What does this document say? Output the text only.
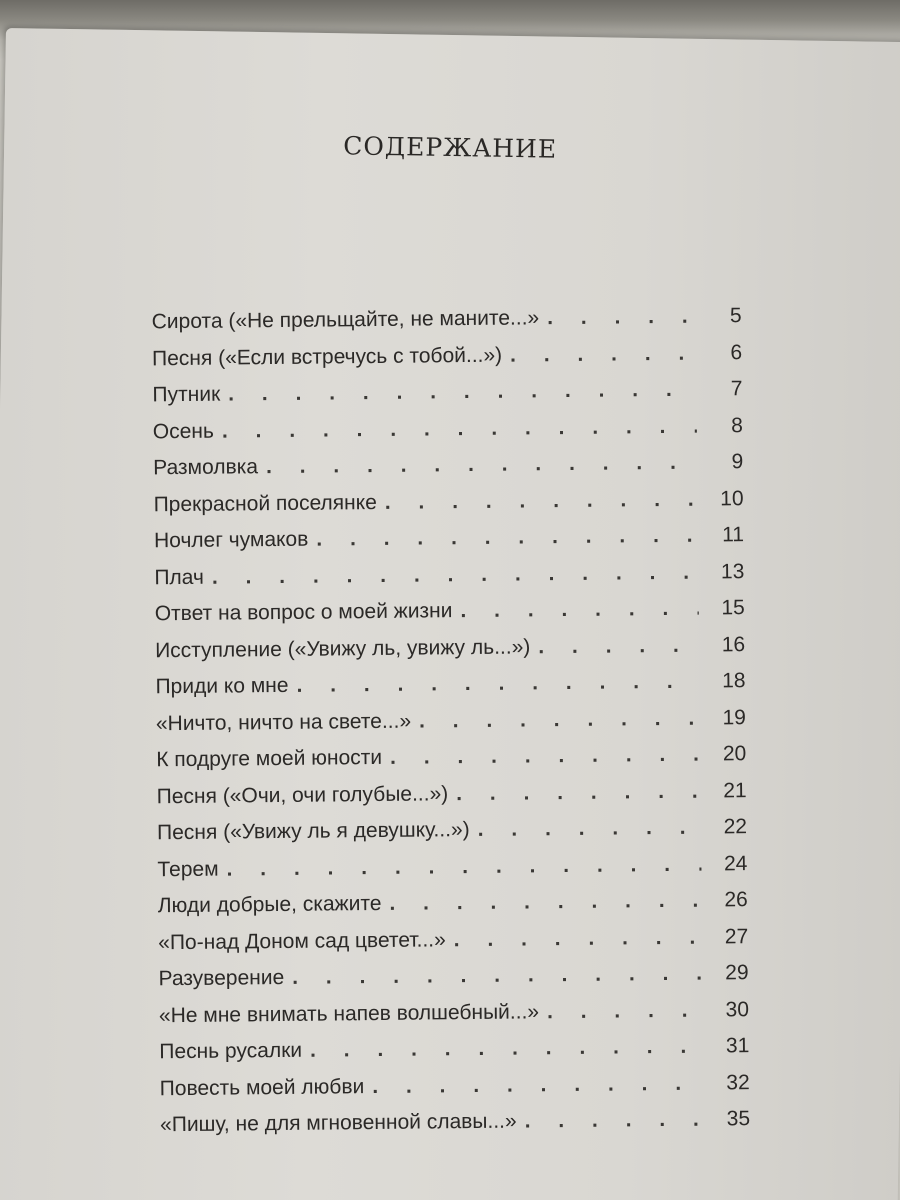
СОДЕРЖАНИЕ
Сирота («Не прельщайте, не маните...» . . .	5
Песня («Если встречусь с тобой...») . . .	6
Путник . . .	7
Осень . . .	8
Размолвка . . .	9
Прекрасной поселянке . . .	10
Ночлег чумаков . . .	11
Плач . . .	13
Ответ на вопрос о моей жизни . . .	15
Исступление («Увижу ль, увижу ль...») . . .	16
Приди ко мне . . .	18
«Ничто, ничто на свете...» . . .	19
К подруге моей юности . . .	20
Песня («Очи, очи голубые...») . . .	21
Песня («Увижу ль я девушку...») . . .	22
Терем . . .	24
Люди добрые, скажите . . .	26
«По-над Доном сад цветет...» . . .	27
Разуверение . . .	29
«Не мне внимать напев волшебный...» . . .	30
Песнь русалки . . .	31
Повесть моей любви . . .	32
«Пишу, не для мгновенной славы...» . . .	35
